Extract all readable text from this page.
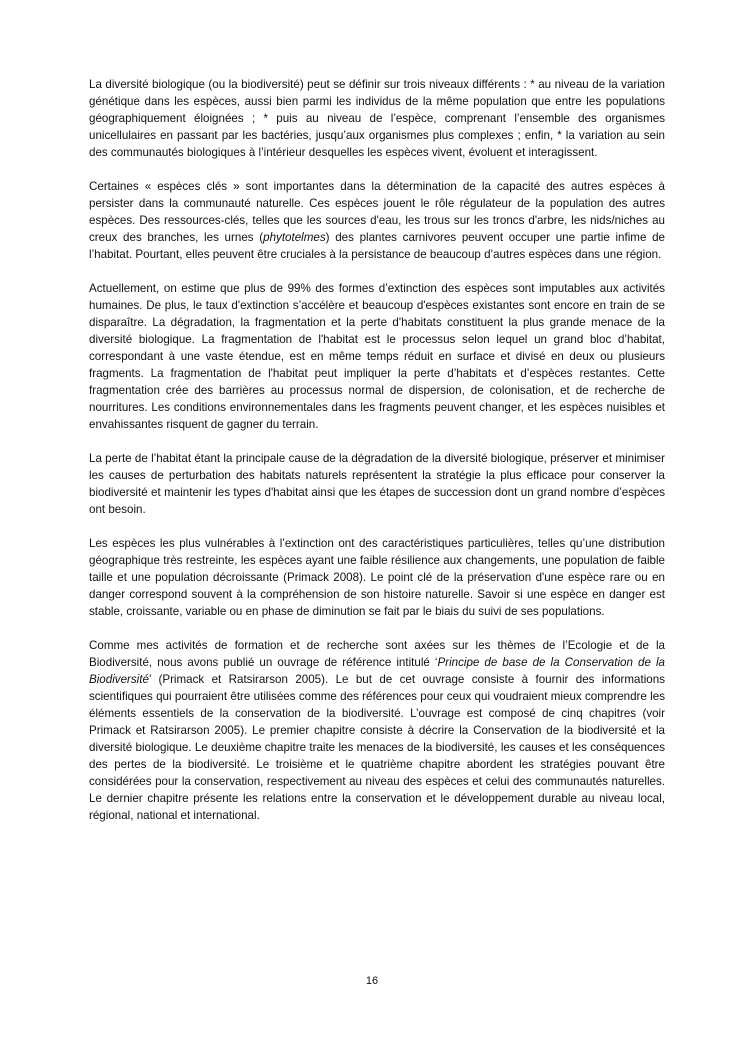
La diversité biologique (ou la biodiversité) peut se définir sur trois niveaux différents : * au niveau de la variation génétique dans les espèces, aussi bien parmi les individus de la même population que entre les populations géographiquement éloignées ; * puis au niveau de l’espèce, comprenant l’ensemble des organismes unicellulaires en passant par les bactéries, jusqu’aux organismes plus complexes ; enfin, * la variation au sein des communautés biologiques à l’intérieur desquelles les espèces vivent, évoluent et interagissent.

Certaines « espèces clés » sont importantes dans la détermination de la capacité des autres espèces à persister dans la communauté naturelle. Ces espèces jouent le rôle régulateur de la population des autres espèces. Des ressources-clés, telles que les sources d'eau, les trous sur les troncs d'arbre, les nids/niches au creux des branches, les urnes (phytotelmes) des plantes carnivores peuvent occuper une partie infime de l’habitat. Pourtant, elles peuvent être cruciales à la persistance de beaucoup d’autres espèces dans une région.

Actuellement, on estime que plus de 99% des formes d’extinction des espèces sont imputables aux activités humaines. De plus, le taux d'extinction s’accélère et beaucoup d'espèces existantes sont encore en train de se disparaître. La dégradation, la fragmentation et la perte d'habitats constituent la plus grande menace de la diversité biologique. La fragmentation de l'habitat est le processus selon lequel un grand bloc d’habitat, correspondant à une vaste étendue, est en même temps réduit en surface et divisé en deux ou plusieurs fragments. La fragmentation de l'habitat peut impliquer la perte d’habitats et d’espèces restantes. Cette fragmentation crée des barrières au processus normal de dispersion, de colonisation, et de recherche de nourritures. Les conditions environnementales dans les fragments peuvent changer, et les espèces nuisibles et envahissantes risquent de gagner du terrain.

La perte de l’habitat étant la principale cause de la dégradation de la diversité biologique, préserver et minimiser les causes de perturbation des habitats naturels représentent la stratégie la plus efficace pour conserver la biodiversité et maintenir les types d'habitat ainsi que les étapes de succession dont un grand nombre d’espèces ont besoin.

Les espèces les plus vulnérables à l’extinction ont des caractéristiques particulières, telles qu’une distribution géographique très restreinte, les espèces ayant une faible résilience aux changements, une population de faible taille et une population décroissante (Primack 2008). Le point clé de la préservation d'une espèce rare ou en danger correspond souvent à la compréhension de son histoire naturelle. Savoir si une espèce en danger est stable, croissante, variable ou en phase de diminution se fait par le biais du suivi de ses populations.

Comme mes activités de formation et de recherche sont axées sur les thèmes de l’Ecologie et de la Biodiversité, nous avons publié un ouvrage de référence intitulé ‘Principe de base de la Conservation de la Biodiversité’ (Primack et Ratsirarson 2005). Le but de cet ouvrage consiste à fournir des informations scientifiques qui pourraient être utilisées comme des références pour ceux qui voudraient mieux comprendre les éléments essentiels de la conservation de la biodiversité. L’ouvrage est composé de cinq chapitres (voir Primack et Ratsirarson 2005). Le premier chapitre consiste à décrire la Conservation de la biodiversité et la diversité biologique. Le deuxième chapitre traite les menaces de la biodiversité, les causes et les conséquences des pertes de la biodiversité. Le troisième et le quatrième chapitre abordent les stratégies pouvant être considérées pour la conservation, respectivement au niveau des espèces et celui des communautés naturelles. Le dernier chapitre présente les relations entre la conservation et le développement durable au niveau local, régional, national et international.

16
